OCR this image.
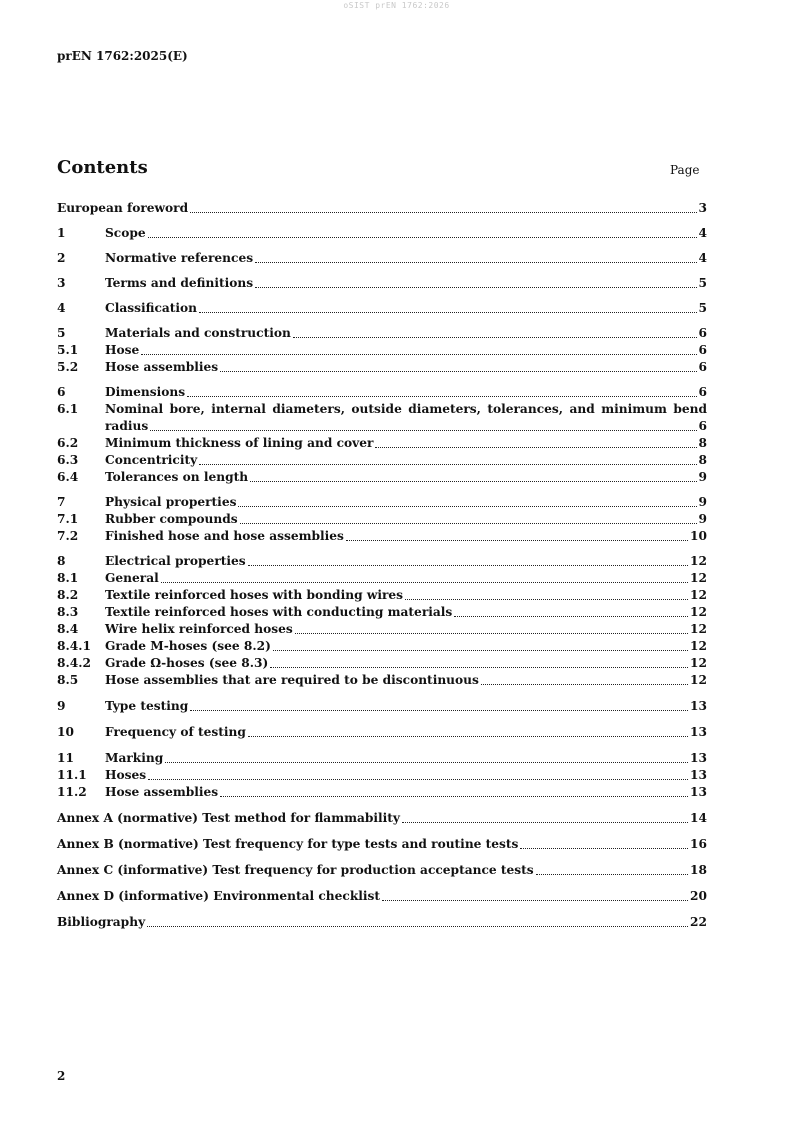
oSIST prEN 1762:2026
prEN 1762:2025(E)
Contents	Page
European foreword	3
1	Scope	4
2	Normative references	4
3	Terms and definitions	5
4	Classification	5
5	Materials and construction	6
5.1	Hose	6
5.2	Hose assemblies	6
6	Dimensions	6
6.1	Nominal bore, internal diameters, outside diameters, tolerances, and minimum bend
radius	6
6.2	Minimum thickness of lining and cover	8
6.3	Concentricity	8
6.4	Tolerances on length	9
7	Physical properties	9
7.1	Rubber compounds	9
7.2	Finished hose and hose assemblies	10
8	Electrical properties	12
8.1	General	12
8.2	Textile reinforced hoses with bonding wires	12
8.3	Textile reinforced hoses with conducting materials	12
8.4	Wire helix reinforced hoses	12
8.4.1	Grade M-hoses (see 8.2)	12
8.4.2	Grade Ω-hoses (see 8.3)	12
8.5	Hose assemblies that are required to be discontinuous	12
9	Type testing	13
10	Frequency of testing	13
11	Marking	13
11.1	Hoses	13
11.2	Hose assemblies	13
Annex A (normative) Test method for flammability	14
Annex B (normative) Test frequency for type tests and routine tests	16
Annex C (informative) Test frequency for production acceptance tests	18
Annex D (informative) Environmental checklist	20
Bibliography	22
2
